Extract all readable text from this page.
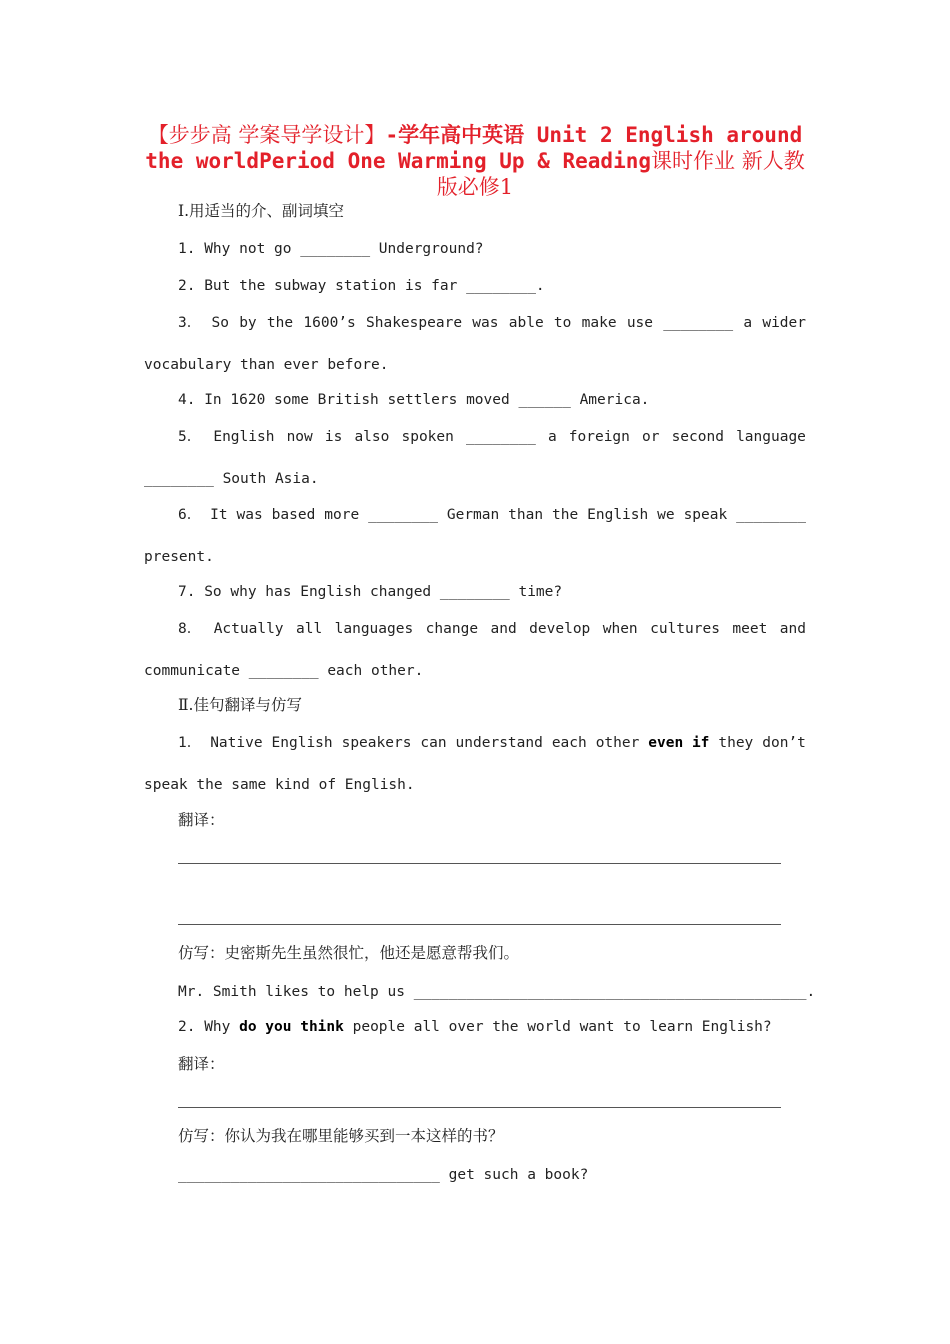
【步步高 学案导学设计】-学年高中英语 Unit 2 English around the worldPeriod One Warming Up & Reading课时作业 新人教版必修1
Ⅰ.用适当的介、副词填空
1. Why not go ________ Underground?
2. But the subway station is far ________.
3． So by the 1600’s Shakespeare was able to make use ________ a wider
vocabulary than ever before.
4. In 1620 some British settlers moved ______ America.
5． English now is also spoken ________ a foreign or second language
________ South Asia.
6． It was based more ________ German than the English we speak ________
present.
7. So why has English changed ________ time?
8． Actually all languages change and develop when cultures meet and
communicate ________ each other.
Ⅱ.佳句翻译与仿写
1． Native English speakers can understand each other even if they don’t
speak the same kind of English.
翻译：
仿写：史密斯先生虽然很忙，他还是愿意帮我们。
Mr. Smith likes to help us _____________________________________________.
2. Why do you think people all over the world want to learn English?
翻译：
仿写：你认为我在哪里能够买到一本这样的书？
______________________________ get such a book?
